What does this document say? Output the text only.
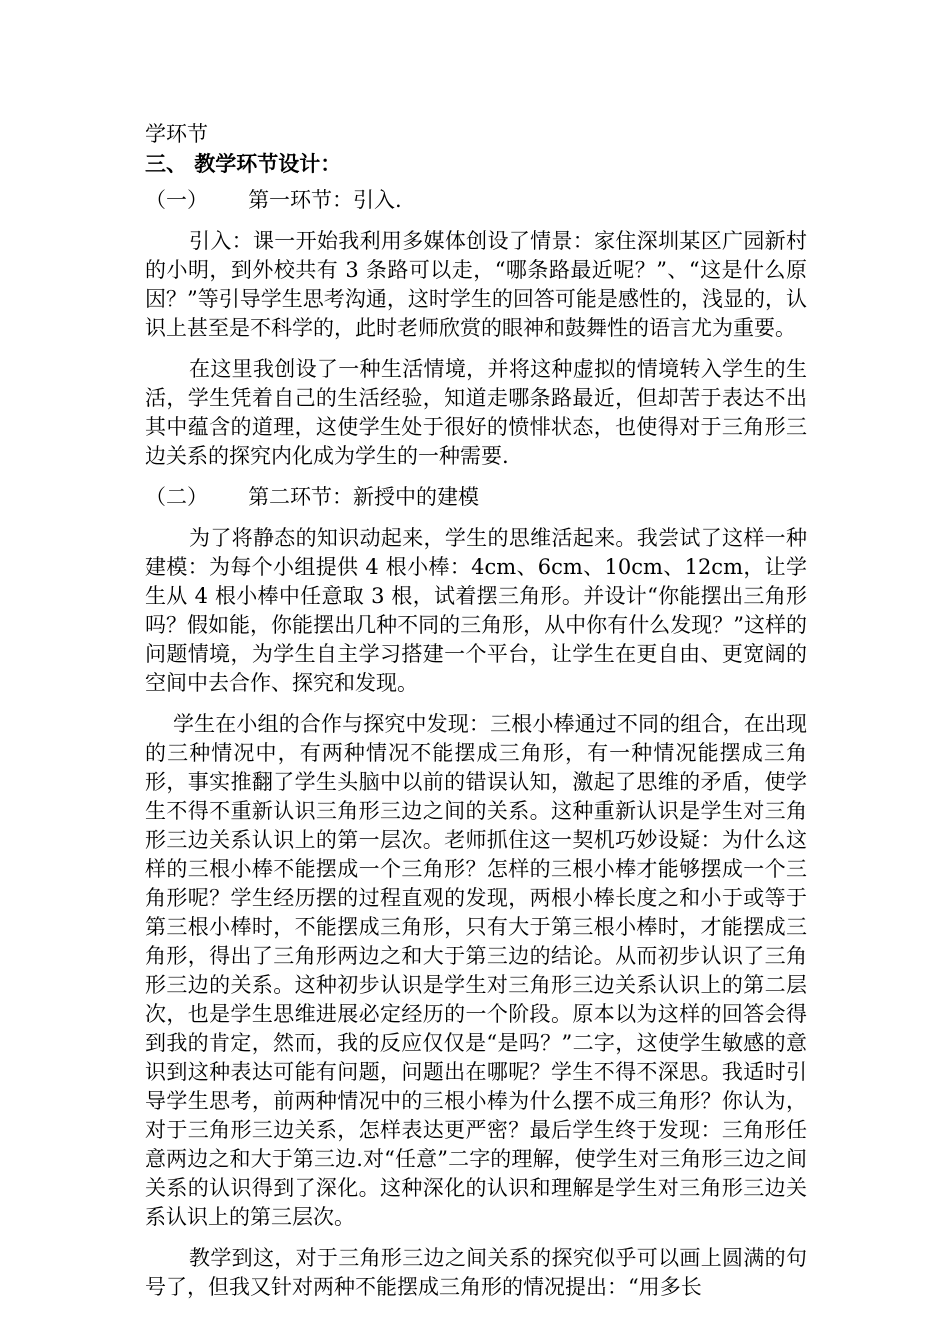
学环节
三、 教学环节设计：
（一） 第一环节：引入.

引入：课一开始我利用多媒体创设了情景：家住深圳某区广园新村的小明，到外校共有 3 条路可以走，“哪条路最近呢？”、“这是什么原因？”等引导学生思考沟通，这时学生的回答可能是感性的，浅显的，认识上甚至是不科学的，此时老师欣赏的眼神和鼓舞性的语言尤为重要。

在这里我创设了一种生活情境，并将这种虚拟的情境转入学生的生活，学生凭着自己的生活经验，知道走哪条路最近，但却苦于表达不出其中蕴含的道理，这使学生处于很好的愤悱状态，也使得对于三角形三边关系的探究内化成为学生的一种需要.

（二） 第二环节：新授中的建模

为了将静态的知识动起来，学生的思维活起来。我尝试了这样一种建模：为每个小组提供 4 根小棒：4cm、6cm、10cm、12cm，让学生从 4 根小棒中任意取 3 根，试着摆三角形。并设计“你能摆出三角形吗？假如能，你能摆出几种不同的三角形，从中你有什么发现？”这样的问题情境，为学生自主学习搭建一个平台，让学生在更自由、更宽阔的空间中去合作、探究和发现。

学生在小组的合作与探究中发现：三根小棒通过不同的组合，在出现的三种情况中，有两种情况不能摆成三角形，有一种情况能摆成三角形，事实推翻了学生头脑中以前的错误认知，激起了思维的矛盾，使学生不得不重新认识三角形三边之间的关系。这种重新认识是学生对三角形三边关系认识上的第一层次。老师抓住这一契机巧妙设疑：为什么这样的三根小棒不能摆成一个三角形？怎样的三根小棒才能够摆成一个三角形呢？学生经历摆的过程直观的发现，两根小棒长度之和小于或等于第三根小棒时，不能摆成三角形，只有大于第三根小棒时，才能摆成三角形，得出了三角形两边之和大于第三边的结论。从而初步认识了三角形三边的关系。这种初步认识是学生对三角形三边关系认识上的第二层次，也是学生思维进展必定经历的一个阶段。原本以为这样的回答会得到我的肯定，然而，我的反应仅仅是“是吗？”二字，这使学生敏感的意识到这种表达可能有问题，问题出在哪呢？学生不得不深思。我适时引导学生思考，前两种情况中的三根小棒为什么摆不成三角形？你认为，对于三角形三边关系，怎样表达更严密？最后学生终于发现：三角形任意两边之和大于第三边.对“任意”二字的理解，使学生对三角形三边之间关系的认识得到了深化。这种深化的认识和理解是学生对三角形三边关系认识上的第三层次。

教学到这，对于三角形三边之间关系的探究似乎可以画上圆满的句号了，但我又针对两种不能摆成三角形的情况提出：“用多长
